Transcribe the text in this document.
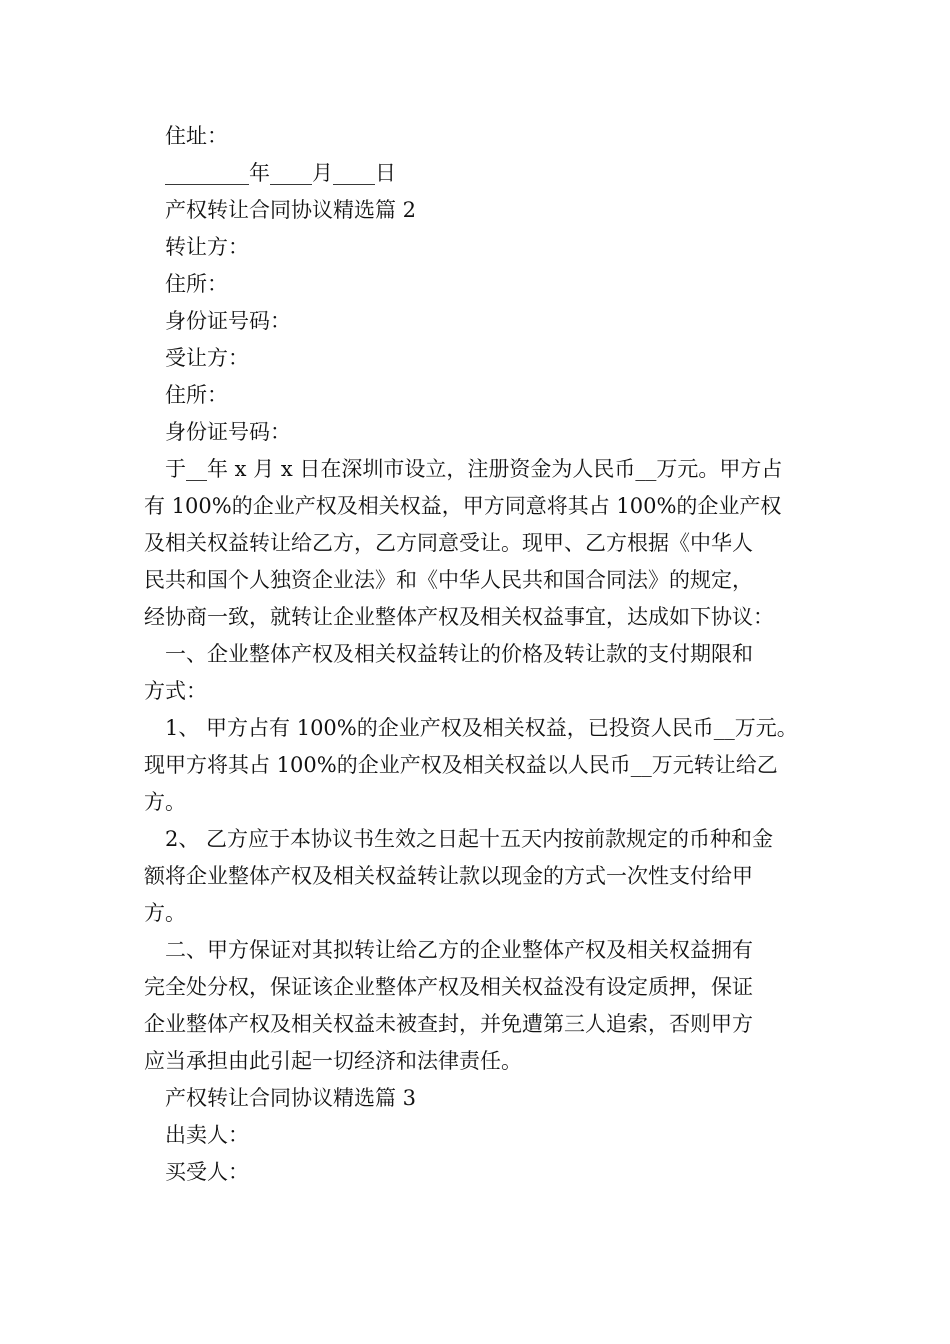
住址：
________年____月____日
产权转让合同协议精选篇 2
转让方：
住所：
身份证号码：
受让方：
住所：
身份证号码：
于__年 x 月 x 日在深圳市设立，注册资金为人民币__万元。甲方占
有 100%的企业产权及相关权益，甲方同意将其占 100%的企业产权
及相关权益转让给乙方，乙方同意受让。现甲、乙方根据《中华人
民共和国个人独资企业法》和《中华人民共和国合同法》的规定，
经协商一致，就转让企业整体产权及相关权益事宜，达成如下协议：
一、企业整体产权及相关权益转让的价格及转让款的支付期限和
方式：
1、 甲方占有 100%的企业产权及相关权益，已投资人民币__万元。
现甲方将其占 100%的企业产权及相关权益以人民币__万元转让给乙
方。
2、 乙方应于本协议书生效之日起十五天内按前款规定的币种和金
额将企业整体产权及相关权益转让款以现金的方式一次性支付给甲
方。
二、甲方保证对其拟转让给乙方的企业整体产权及相关权益拥有
完全处分权，保证该企业整体产权及相关权益没有设定质押，保证
企业整体产权及相关权益未被查封，并免遭第三人追索，否则甲方
应当承担由此引起一切经济和法律责任。
产权转让合同协议精选篇 3
出卖人：
买受人：
